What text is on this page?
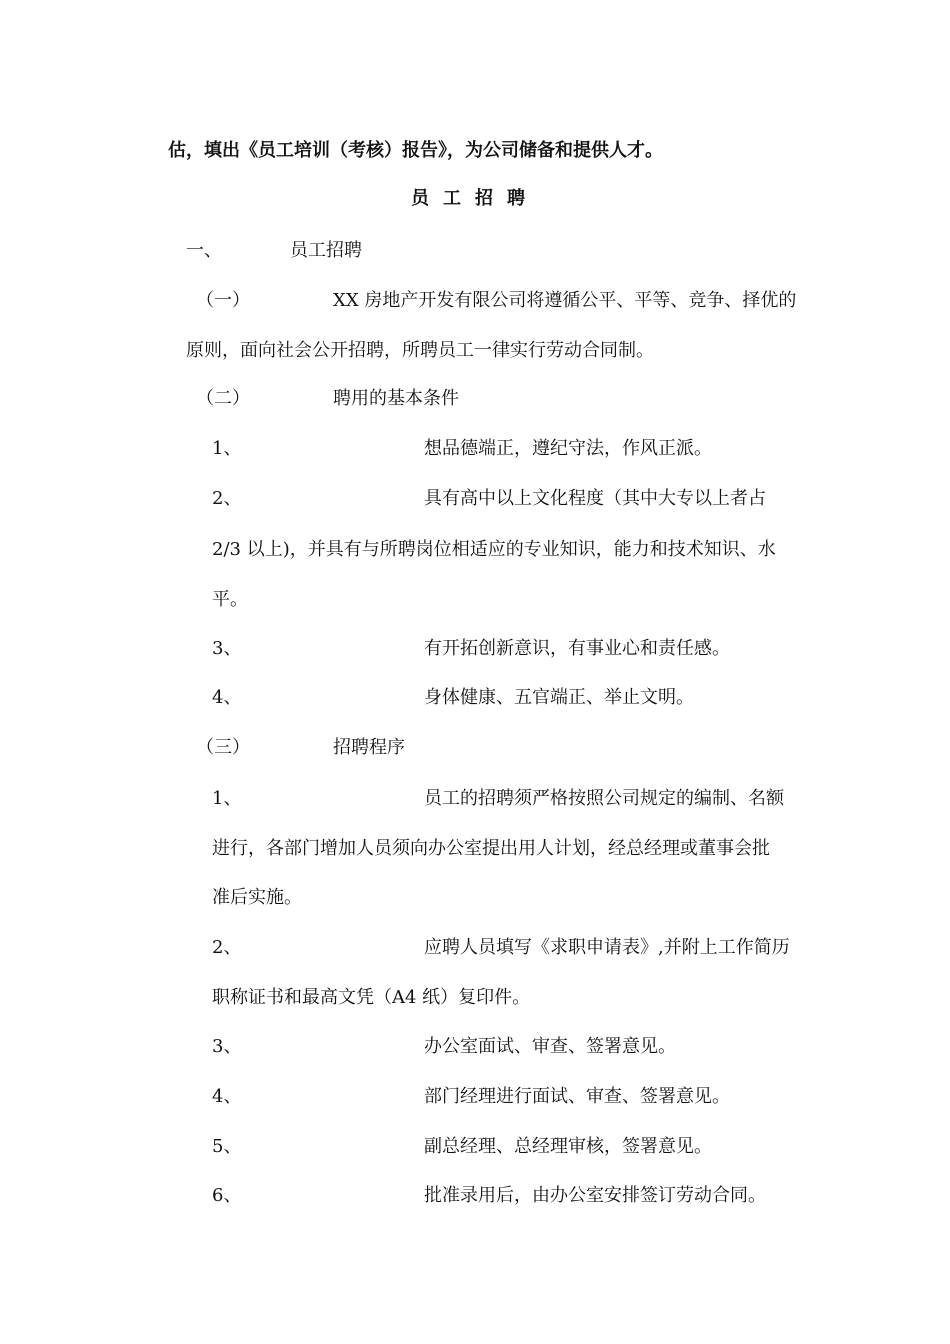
估，填出《员工培训（考核）报告》，为公司储备和提供人才。
员工招聘
一、	员工招聘
（一）	XX 房地产开发有限公司将遵循公平、平等、竞争、择优的
原则，面向社会公开招聘，所聘员工一律实行劳动合同制。
（二）	聘用的基本条件
1、	想品德端正，遵纪守法，作风正派。
2、	具有高中以上文化程度（其中大专以上者占
2/3 以上)，并具有与所聘岗位相适应的专业知识，能力和技术知识、水
平。
3、	有开拓创新意识，有事业心和责任感。
4、	身体健康、五官端正、举止文明。
（三）	招聘程序
1、	员工的招聘须严格按照公司规定的编制、名额
进行，各部门增加人员须向办公室提出用人计划，经总经理或董事会批
准后实施。
2、	应聘人员填写《求职申请表》,并附上工作简历
职称证书和最高文凭（A4 纸）复印件。
3、	办公室面试、审查、签署意见。
4、	部门经理进行面试、审查、签署意见。
5、	副总经理、总经理审核，签署意见。
6、	批准录用后，由办公室安排签订劳动合同。
